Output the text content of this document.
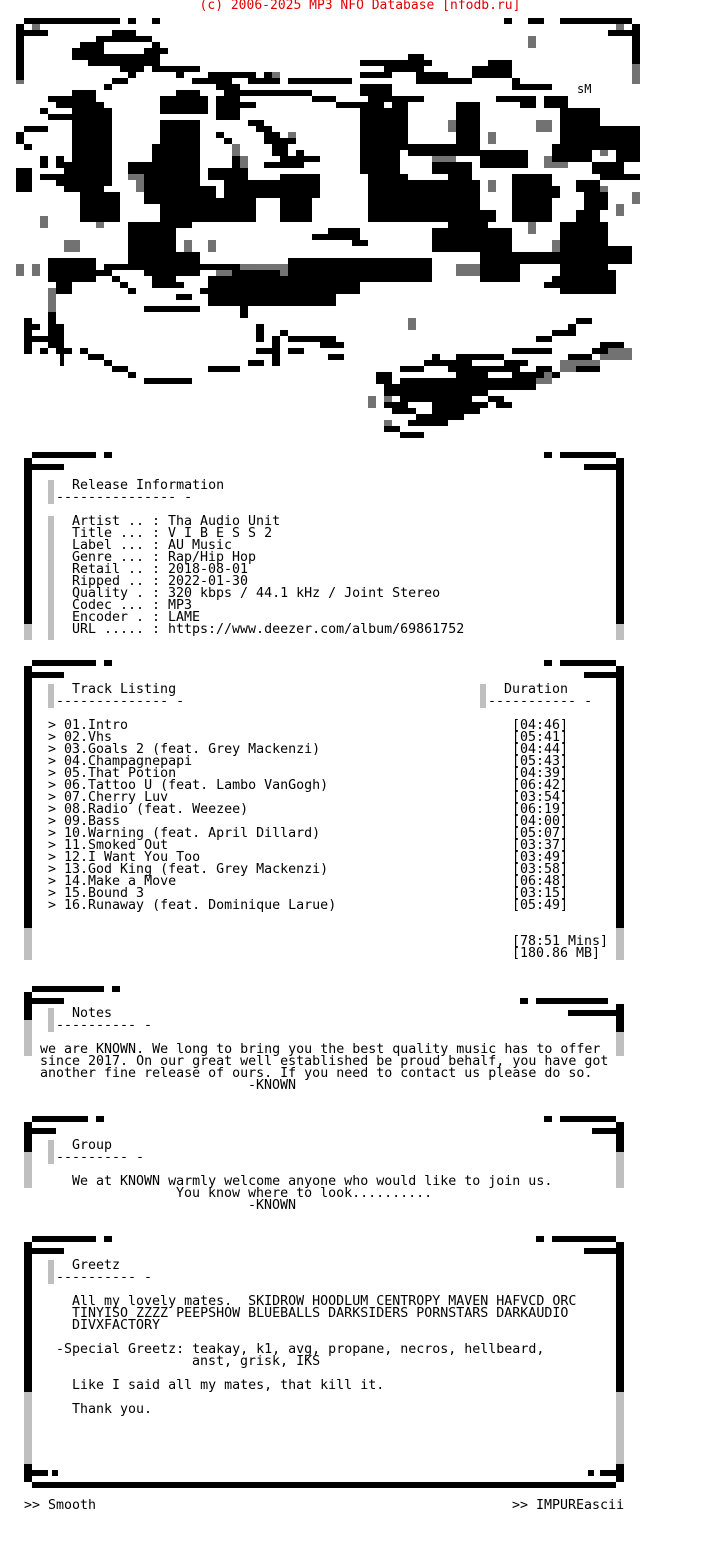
(c) 2006-2025 MP3 NFO Database [nfodb.ru]
sM
Release Information
--------------- -
Artist .. : Tha Audio Unit
Title ... : V I B E S S 2
Label ... : AU Music
Genre ... : Rap/Hip Hop
Retail .. : 2018-08-01
Ripped .. : 2022-01-30
Quality . : 320 kbps / 44.1 kHz / Joint Stereo
Codec ... : MP3
Encoder . : LAME
URL ..... : https://www.deezer.com/album/69861752
Track Listing
-------------- -
Duration
----------- -
> 01.Intro	[04:46]
> 02.Vhs	[05:41]
> 03.Goals 2 (feat. Grey Mackenzi)	[04:44]
> 04.Champagnepapi	[05:43]
> 05.That Potion	[04:39]
> 06.Tattoo U (feat. Lambo VanGogh)	[06:42]
> 07.Cherry Luv	[03:54]
> 08.Radio (feat. Weezee)	[06:19]
> 09.Bass	[04:00]
> 10.Warning (feat. April Dillard)	[05:07]
> 11.Smoked Out	[03:37]
> 12.I Want You Too	[03:49]
> 13.God King (feat. Grey Mackenzi)	[03:58]
> 14.Make a Move	[06:48]
> 15.Bound 3	[03:15]
> 16.Runaway (feat. Dominique Larue)	[05:49]
[78:51 Mins]
[180.86 MB]
Notes
---------- -
we are KNOWN. We long to bring you the best quality music has to offer
since 2017. On our great well established be proud behalf, you have got
another fine release of ours. If you need to contact us please do so.
-KNOWN
Group
--------- -
We at KNOWN warmly welcome anyone who would like to join us.
You know where to look..........
-KNOWN
Greetz
---------- -
All my lovely mates.  SKIDROW HOODLUM CENTROPY MAVEN HAFVCD ORC
TINYISO ZZZZ PEEPSHOW BLUEBALLS DARKSIDERS PORNSTARS DARKAUDIO
DIVXFACTORY
-Special Greetz: teakay, k1, avg, propane, necros, hellbeard,
anst, grisk, IKS
Like I said all my mates, that kill it.
Thank you.
>> Smooth	>> IMPUREascii
